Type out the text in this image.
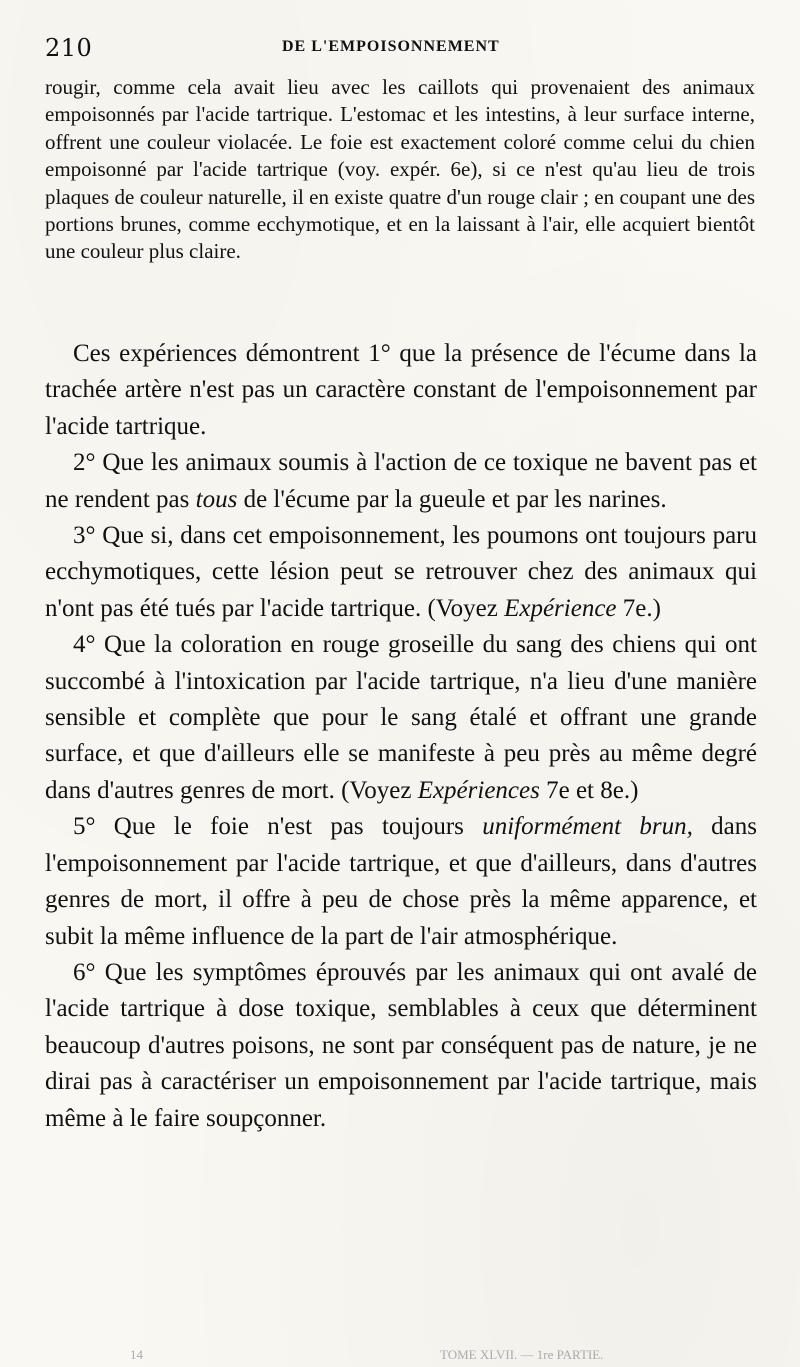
210	DE L'EMPOISONNEMENT

rougir, comme cela avait lieu avec les caillots qui provenaient des animaux empoisonnés par l'acide tartrique. L'estomac et les intestins, à leur surface interne, offrent une couleur violacée. Le foie est exactement coloré comme celui du chien empoisonné par l'acide tartrique (voy. expér. 6e), si ce n'est qu'au lieu de trois plaques de couleur naturelle, il en existe quatre d'un rouge clair ; en coupant une des portions brunes, comme ecchymotique, et en la laissant à l'air, elle acquiert bientôt une couleur plus claire.

Ces expériences démontrent 1° que la présence de l'écume dans la trachée artère n'est pas un caractère constant de l'empoisonnement par l'acide tartrique.

2° Que les animaux soumis à l'action de ce toxique ne bavent pas et ne rendent pas tous de l'écume par la gueule et par les narines.

3° Que si, dans cet empoisonnement, les poumons ont toujours paru ecchymotiques, cette lésion peut se retrouver chez des animaux qui n'ont pas été tués par l'acide tartrique. (Voyez Expérience 7e.)

4° Que la coloration en rouge groseille du sang des chiens qui ont succombé à l'intoxication par l'acide tartrique, n'a lieu d'une manière sensible et complète que pour le sang étalé et offrant une grande surface, et que d'ailleurs elle se manifeste à peu près au même degré dans d'autres genres de mort. (Voyez Expériences 7e et 8e.)

5° Que le foie n'est pas toujours uniformément brun, dans l'empoisonnement par l'acide tartrique, et que d'ailleurs, dans d'autres genres de mort, il offre à peu de chose près la même apparence, et subit la même influence de la part de l'air atmosphérique.

6° Que les symptômes éprouvés par les animaux qui ont avalé de l'acide tartrique à dose toxique, semblables à ceux que déterminent beaucoup d'autres poisons, ne sont par conséquent pas de nature, je ne dirai pas à caractériser un empoisonnement par l'acide tartrique, mais même à le faire soupçonner.

14	TOME XLVII. — 1re PARTIE.
